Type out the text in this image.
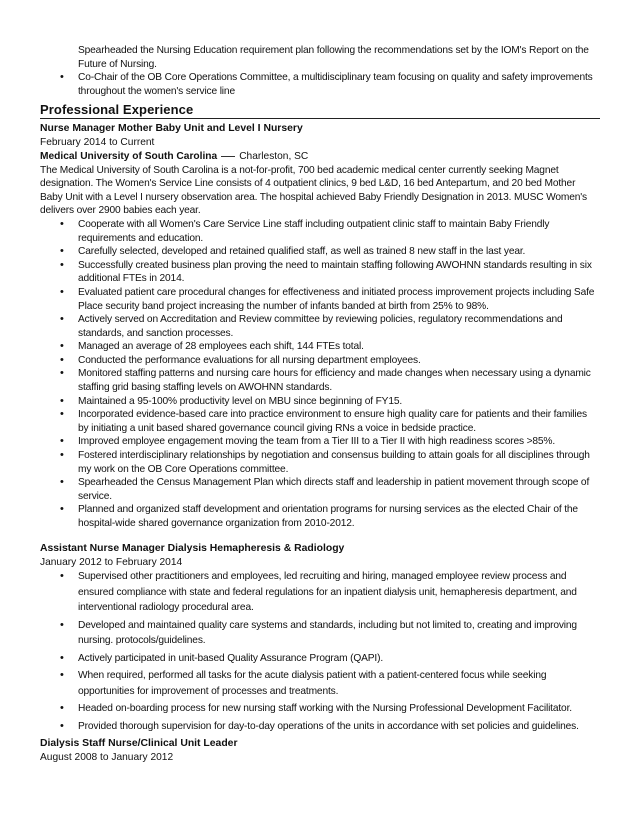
Spearheaded the Nursing Education requirement plan following the recommendations set by the IOM's Report on the Future of Nursing.
• Co-Chair of the OB Core Operations Committee, a multidisciplinary team focusing on quality and safety improvements throughout the women's service line
Professional Experience
Nurse Manager Mother Baby Unit and Level I Nursery
February 2014 to Current
Medical University of South Carolina Charleston, SC
The Medical University of South Carolina is a not-for-profit, 700 bed academic medical center currently seeking Magnet designation. The Women's Service Line consists of 4 outpatient clinics, 9 bed L&D, 16 bed Antepartum, and 20 bed Mother Baby Unit with a Level I nursery observation area. The hospital achieved Baby Friendly Designation in 2013. MUSC Women's delivers over 2900 babies each year.
• Cooperate with all Women's Care Service Line staff including outpatient clinic staff to maintain Baby Friendly requirements and education.
• Carefully selected, developed and retained qualified staff, as well as trained 8 new staff in the last year.
• Successfully created business plan proving the need to maintain staffing following AWOHNN standards resulting in six additional FTEs in 2014.
• Evaluated patient care procedural changes for effectiveness and initiated process improvement projects including Safe Place security band project increasing the number of infants banded at birth from 25% to 98%.
• Actively served on Accreditation and Review committee by reviewing policies, regulatory recommendations and standards, and sanction processes.
• Managed an average of 28 employees each shift, 144 FTEs total.
• Conducted the performance evaluations for all nursing department employees.
• Monitored staffing patterns and nursing care hours for efficiency and made changes when necessary using a dynamic staffing grid basing staffing levels on AWOHNN standards.
• Maintained a 95-100% productivity level on MBU since beginning of FY15.
• Incorporated evidence-based care into practice environment to ensure high quality care for patients and their families by initiating a unit based shared governance council giving RNs a voice in bedside practice.
• Improved employee engagement moving the team from a Tier III to a Tier II with high readiness scores >85%.
• Fostered interdisciplinary relationships by negotiation and consensus building to attain goals for all disciplines through my work on the OB Core Operations committee.
• Spearheaded the Census Management Plan which directs staff and leadership in patient movement through scope of service.
• Planned and organized staff development and orientation programs for nursing services as the elected Chair of the hospital-wide shared governance organization from 2010-2012.
Assistant Nurse Manager Dialysis Hemapheresis & Radiology
January 2012 to February 2014
• Supervised other practitioners and employees, led recruiting and hiring, managed employee review process and ensured compliance with state and federal regulations for an inpatient dialysis unit, hemapheresis department, and interventional radiology procedural area.
• Developed and maintained quality care systems and standards, including but not limited to, creating and improving nursing. protocols/guidelines.
• Actively participated in unit-based Quality Assurance Program (QAPI).
• When required, performed all tasks for the acute dialysis patient with a patient-centered focus while seeking opportunities for improvement of processes and treatments.
• Headed on-boarding process for new nursing staff working with the Nursing Professional Development Facilitator.
• Provided thorough supervision for day-to-day operations of the units in accordance with set policies and guidelines.
Dialysis Staff Nurse/Clinical Unit Leader
August 2008 to January 2012
